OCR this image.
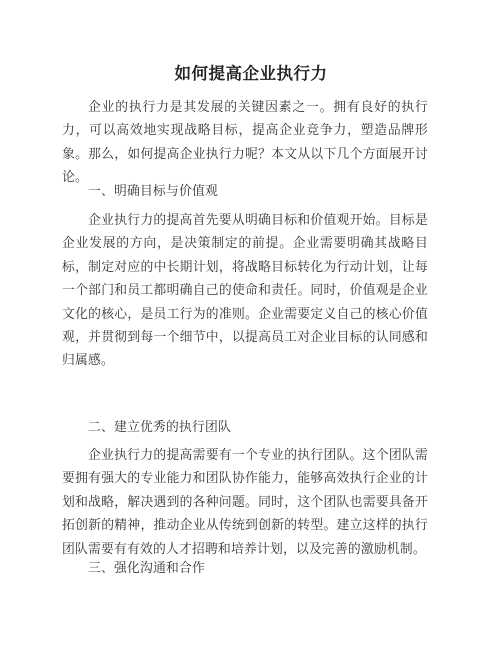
如何提高企业执行力

企业的执行力是其发展的关键因素之一。拥有良好的执行力，可以高效地实现战略目标，提高企业竞争力，塑造品牌形象。那么，如何提高企业执行力呢？本文从以下几个方面展开讨论。

一、明确目标与价值观

企业执行力的提高首先要从明确目标和价值观开始。目标是企业发展的方向，是决策制定的前提。企业需要明确其战略目标，制定对应的中长期计划，将战略目标转化为行动计划，让每一个部门和员工都明确自己的使命和责任。同时，价值观是企业文化的核心，是员工行为的准则。企业需要定义自己的核心价值观，并贯彻到每一个细节中，以提高员工对企业目标的认同感和归属感。

二、建立优秀的执行团队

企业执行力的提高需要有一个专业的执行团队。这个团队需要拥有强大的专业能力和团队协作能力，能够高效执行企业的计划和战略，解决遇到的各种问题。同时，这个团队也需要具备开拓创新的精神，推动企业从传统到创新的转型。建立这样的执行团队需要有有效的人才招聘和培养计划，以及完善的激励机制。

三、强化沟通和合作
